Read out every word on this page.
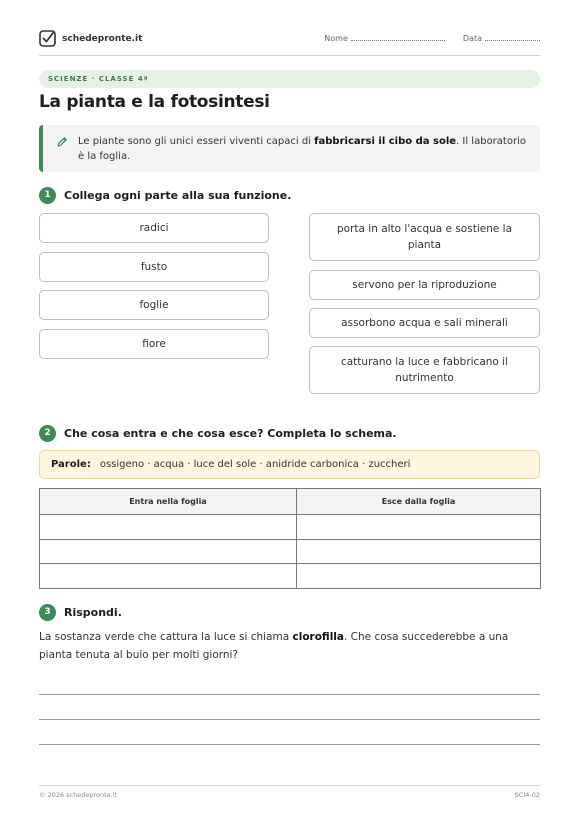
schedepronte.it	Nome	Data
SCIENZE · CLASSE 4ª
La pianta e la fotosintesi
Le piante sono gli unici esseri viventi capaci di fabbricarsi il cibo da sole. Il laboratorio è la foglia.
1	Collega ogni parte alla sua funzione.
radici
fusto
foglie
fiore
porta in alto l'acqua e sostiene la pianta
servono per la riproduzione
assorbono acqua e sali minerali
catturano la luce e fabbricano il nutrimento
2	Che cosa entra e che cosa esce? Completa lo schema.
Parole: ossigeno · acqua · luce del sole · anidride carbonica · zuccheri
Entra nella foglia	Esce dalla foglia

3	Rispondi.
La sostanza verde che cattura la luce si chiama clorofilla. Che cosa succederebbe a una pianta tenuta al buio per molti giorni?
© 2026 schedepronte.it	SCI4-02
